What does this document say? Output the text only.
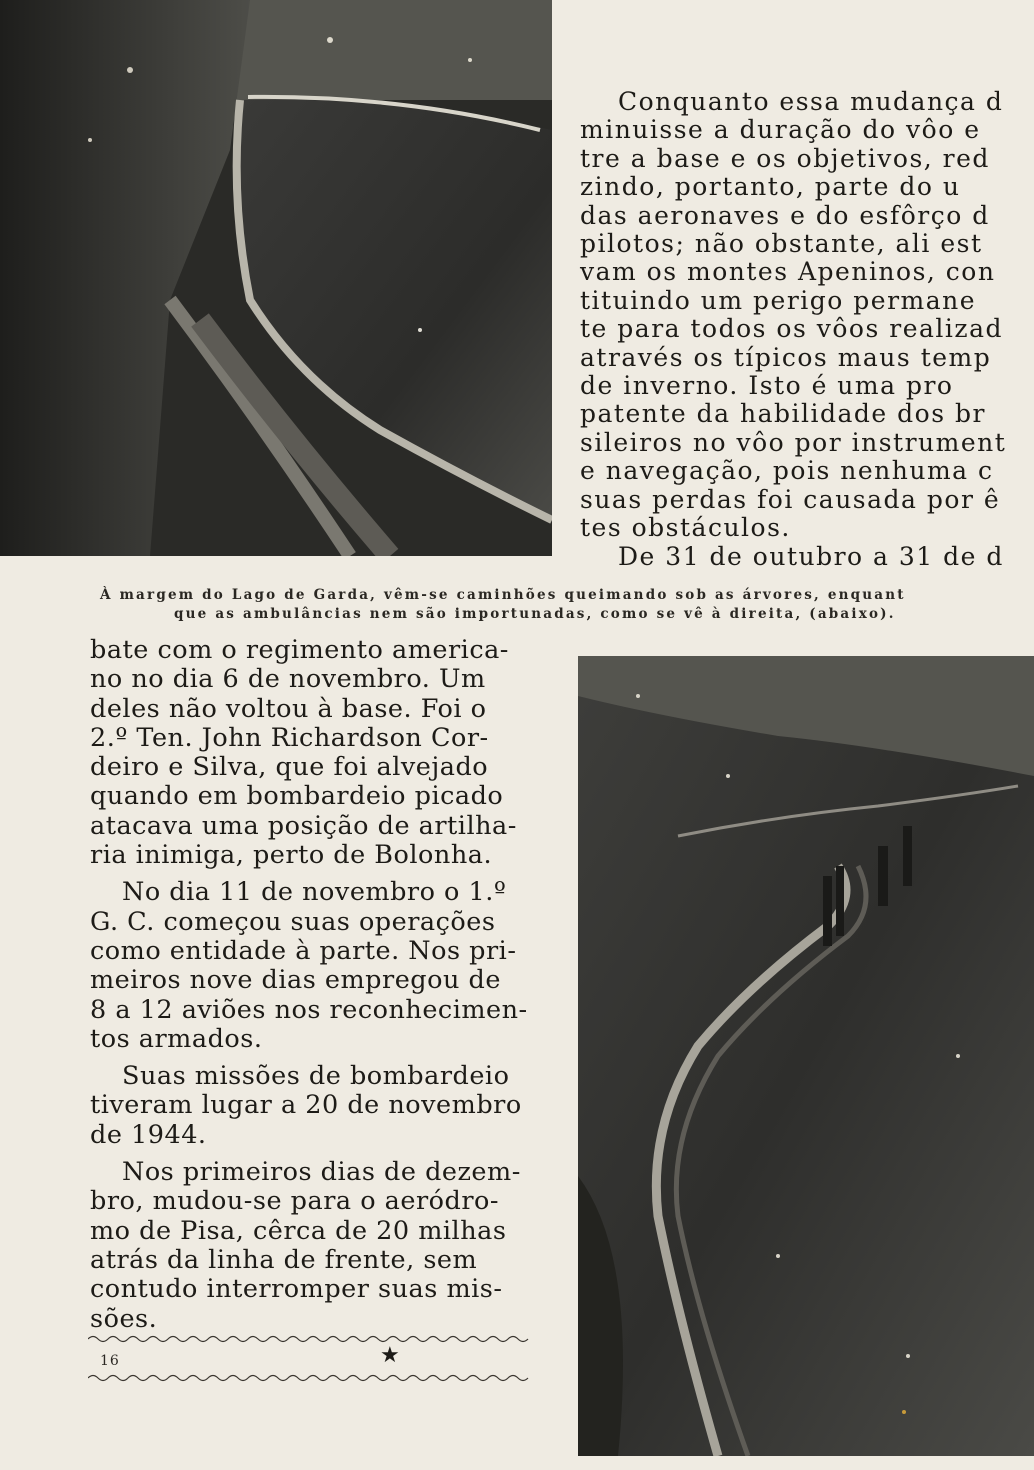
Conquanto essa mudança d
minuisse a duração do vôo e
tre a base e os objetivos, red
zindo, portanto, parte do u
das aeronaves e do esfôrço d
pilotos; não obstante, ali est
vam os montes Apeninos, con
tituindo um perigo permane
te para todos os vôos realizad
através os típicos maus temp
de inverno. Isto é uma pro
patente da habilidade dos br
sileiros no vôo por instrument
e navegação, pois nenhuma c
suas perdas foi causada por ê
tes obstáculos.
De 31 de outubro a 31 de d
À margem do Lago de Garda, vêm-se caminhões queimando sob as árvores, enquant
que as ambulâncias nem são importunadas, como se vê à direita, (abaixo).
bate com o regimento america-
no no dia 6 de novembro. Um
deles não voltou à base. Foi o
2.º Ten. John Richardson Cor-
deiro e Silva, que foi alvejado
quando em bombardeio picado
atacava uma posição de artilha-
ria inimiga, perto de Bolonha.
No dia 11 de novembro o 1.º
G. C. começou suas operações
como entidade à parte. Nos pri-
meiros nove dias empregou de
8 a 12 aviões nos reconhecimen-
tos armados.
Suas missões de bombardeio
tiveram lugar a 20 de novembro
de 1944.
Nos primeiros dias de dezem-
bro, mudou-se para o aeródro-
mo de Pisa, cêrca de 20 milhas
atrás da linha de frente, sem
contudo interromper suas mis-
sões.
16	★
